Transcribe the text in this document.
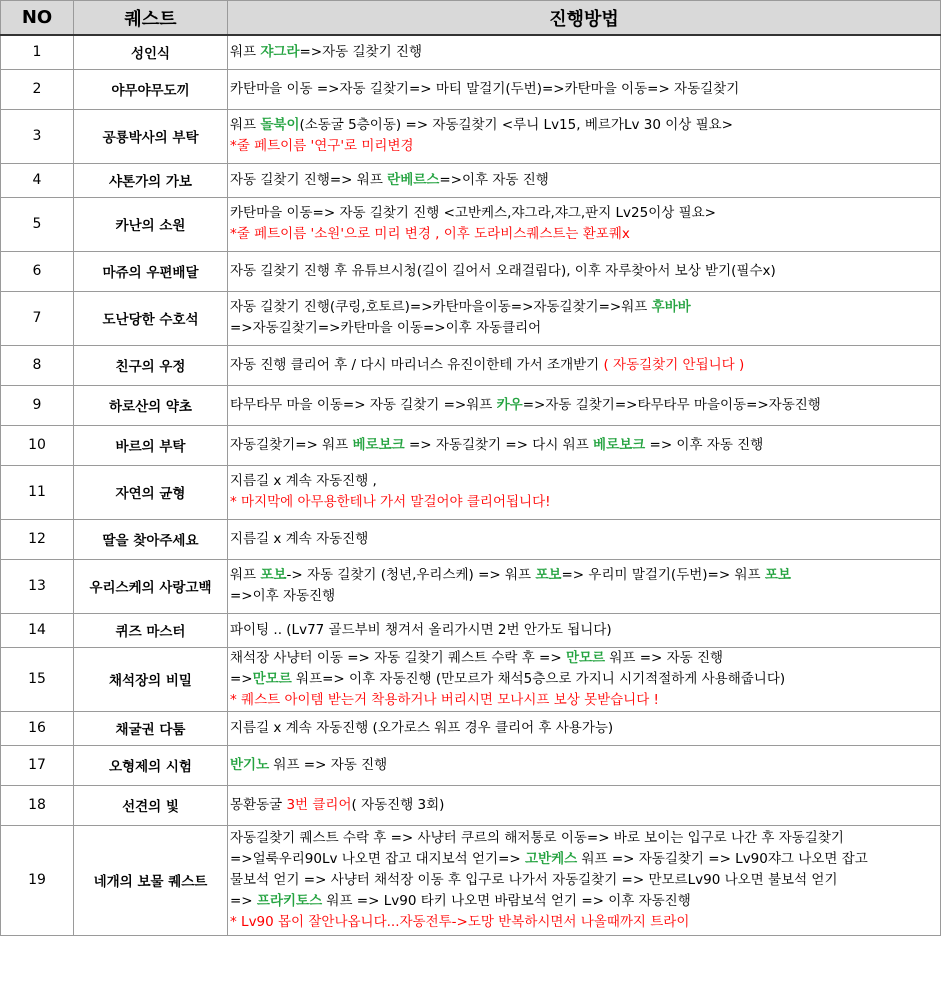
NO	퀘스트	진행방법
1	성인식	워프 쟈그라=>자동 길찾기 진행

2	야무야무도끼	카탄마을 이동 =>자동 길찾기=> 마티 말걸기(두번)=>카탄마을 이동=> 자동길찾기

3	공룡박사의 부탁	워프 돌북이(소동굴 5층이동) => 자동길찾기 <루니 Lv15, 베르가Lv 30 이상 필요>
*줄 페트이름 '연구'로 미리변경

4	샤톤가의 가보	자동 길찾기 진행=> 워프 란베르스=>이후 자동 진행

5	카난의 소원	카탄마을 이동=> 자동 길찾기 진행 <고반케스,쟈그라,쟈그,판지 Lv25이상 필요>
*줄 페트이름 '소원'으로 미리 변경 , 이후 도라비스퀘스트는 환포퀘x

6	마쥬의 우편배달	자동 길찾기 진행 후 유튜브시청(길이 길어서 오래걸림다), 이후 자루찾아서 보상 받기(필수x)

7	도난당한 수호석	자동 길찾기 진행(쿠링,호토르)=>카탄마을이동=>자동길찾기=>워프 후바바
=>자동길찾기=>카탄마을 이동=>이후 자동클리어

8	친구의 우정	자동 진행 클리어 후 / 다시 마리너스 유진이한테 가서 조개받기 ( 자동길찾기 안됩니다 )

9	하로산의 약초	타무타무 마을 이동=> 자동 길찾기 =>워프 카우=>자동 길찾기=>타무타무 마을이동=>자동진행

10	바르의 부탁	자동길찾기=> 워프 베로보크 => 자동길찾기 => 다시 워프 베로보크 => 이후 자동 진행

11	자연의 균형	지름길 x 계속 자동진행 ,
* 마지막에 아무용한테나 가서 말걸어야 클리어됩니다!

12	딸을 찾아주세요	지름길 x 계속 자동진행

13	우리스케의 사랑고백	워프 포보-> 자동 길찾기 (청년,우리스케) => 워프 포보=> 우리미 말걸기(두번)=> 워프 포보
=>이후 자동진행

14	퀴즈 마스터	파이팅 .. (Lv77 골드부비 챙겨서 올리가시면 2번 안가도 됩니다)

15	채석장의 비밀	채석장 사냥터 이동 => 자동 길찾기 퀘스트 수락 후 => 만모르 워프 => 자동 진행
=>만모르 워프=> 이후 자동진행 (만모르가 채석5층으로 가지니 시기적절하게 사용해줍니다)
* 퀘스트 아이템 받는거 착용하거나 버리시면 모나시프 보상 못받습니다 !

16	채굴권 다툼	지름길 x 계속 자동진행 (오가로스 워프 경우 클리어 후 사용가능)

17	오형제의 시험	반기노 워프 => 자동 진행

18	선견의 빛	몽환동굴 3번 클리어( 자동진행 3회)

19	네개의 보물 퀘스트	자동길찾기 퀘스트 수락 후 => 사냥터 쿠르의 해저통로 이동=> 바로 보이는 입구로 나간 후 자동길찾기
=>얼룩우리90Lv 나오면 잡고 대지보석 얻기=> 고반케스 워프 => 자동길찾기 => Lv90쟈그 나오면 잡고
물보석 얻기 => 사냥터 채석장 이동 후 입구로 나가서 자동길찾기 => 만모르Lv90 나오면 불보석 얻기
=> 프라키토스 워프 => Lv90 타키 나오면 바람보석 얻기 => 이후 자동진행
* Lv90 몹이 잘안나옵니다...자동전투->도망 반복하시면서 나올때까지 트라이
